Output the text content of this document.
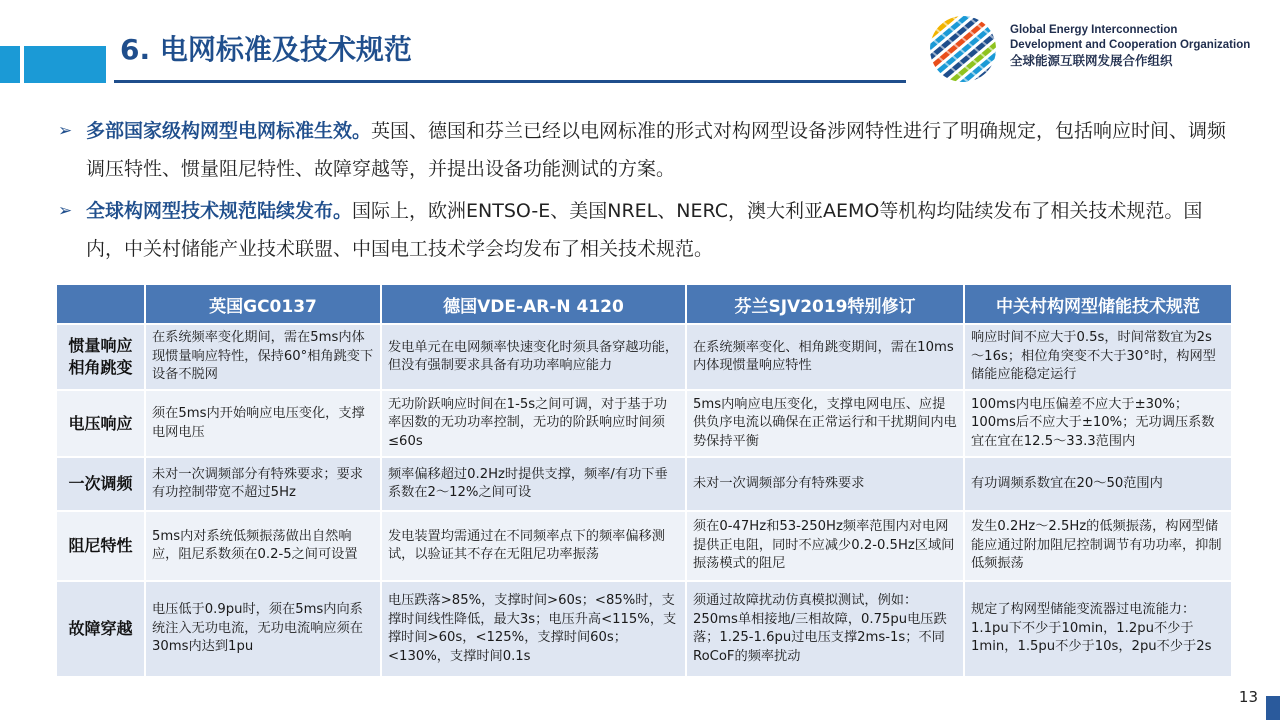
6. 电网标准及技术规范
Global Energy Interconnection
Development and Cooperation Organization
全球能源互联网发展合作组织
➢ 多部国家级构网型电网标准生效。英国、德国和芬兰已经以电网标准的形式对构网型设备涉网特性进行了明确规定，包括响应时间、调频调压特性、惯量阻尼特性、故障穿越等，并提出设备功能测试的方案。
➢ 全球构网型技术规范陆续发布。国际上，欧洲ENTSO-E、美国NREL、NERC，澳大利亚AEMO等机构均陆续发布了相关技术规范。国内，中关村储能产业技术联盟、中国电工技术学会均发布了相关技术规范。
	英国GC0137	德国VDE-AR-N 4120	芬兰SJV2019特别修订	中关村构网型储能技术规范
惯量响应
相角跳变	在系统频率变化期间，需在5ms内体现惯量响应特性，保持60°相角跳变下设备不脱网	发电单元在电网频率快速变化时须具备穿越功能，但没有强制要求具备有功功率响应能力	在系统频率变化、相角跳变期间，需在10ms内体现惯量响应特性	响应时间不应大于0.5s，时间常数宜为2s～16s；相位角突变不大于30°时，构网型储能应能稳定运行
电压响应	须在5ms内开始响应电压变化，支撑电网电压	无功阶跃响应时间在1-5s之间可调，对于基于功率因数的无功功率控制，无功的阶跃响应时间须≤60s	5ms内响应电压变化，支撑电网电压、应提供负序电流以确保在正常运行和干扰期间内电势保持平衡	100ms内电压偏差不应大于±30%；100ms后不应大于±10%；无功调压系数宜在宜在12.5～33.3范围内
一次调频	未对一次调频部分有特殊要求；要求有功控制带宽不超过5Hz	频率偏移超过0.2Hz时提供支撑，频率/有功下垂系数在2～12%之间可设	未对一次调频部分有特殊要求	有功调频系数宜在20～50范围内
阻尼特性	5ms内对系统低频振荡做出自然响应，阻尼系数须在0.2-5之间可设置	发电装置均需通过在不同频率点下的频率偏移测试，以验证其不存在无阻尼功率振荡	须在0-47Hz和53-250Hz频率范围内对电网提供正电阻，同时不应减少0.2-0.5Hz区域间振荡模式的阻尼	发生0.2Hz～2.5Hz的低频振荡，构网型储能应通过附加阻尼控制调节有功功率，抑制低频振荡
故障穿越	电压低于0.9pu时，须在5ms内向系统注入无功电流，无功电流响应须在30ms内达到1pu	电压跌落>85%，支撑时间>60s；<85%时，支撑时间线性降低，最大3s；电压升高<115%，支撑时间>60s，<125%，支撑时间60s；<130%，支撑时间0.1s	须通过故障扰动仿真模拟测试，例如：250ms单相接地/三相故障，0.75pu电压跌落；1.25-1.6pu过电压支撑2ms-1s；不同RoCoF的频率扰动	规定了构网型储能变流器过电流能力：1.1pu下不少于10min，1.2pu不少于1min，1.5pu不少于10s，2pu不少于2s
13
